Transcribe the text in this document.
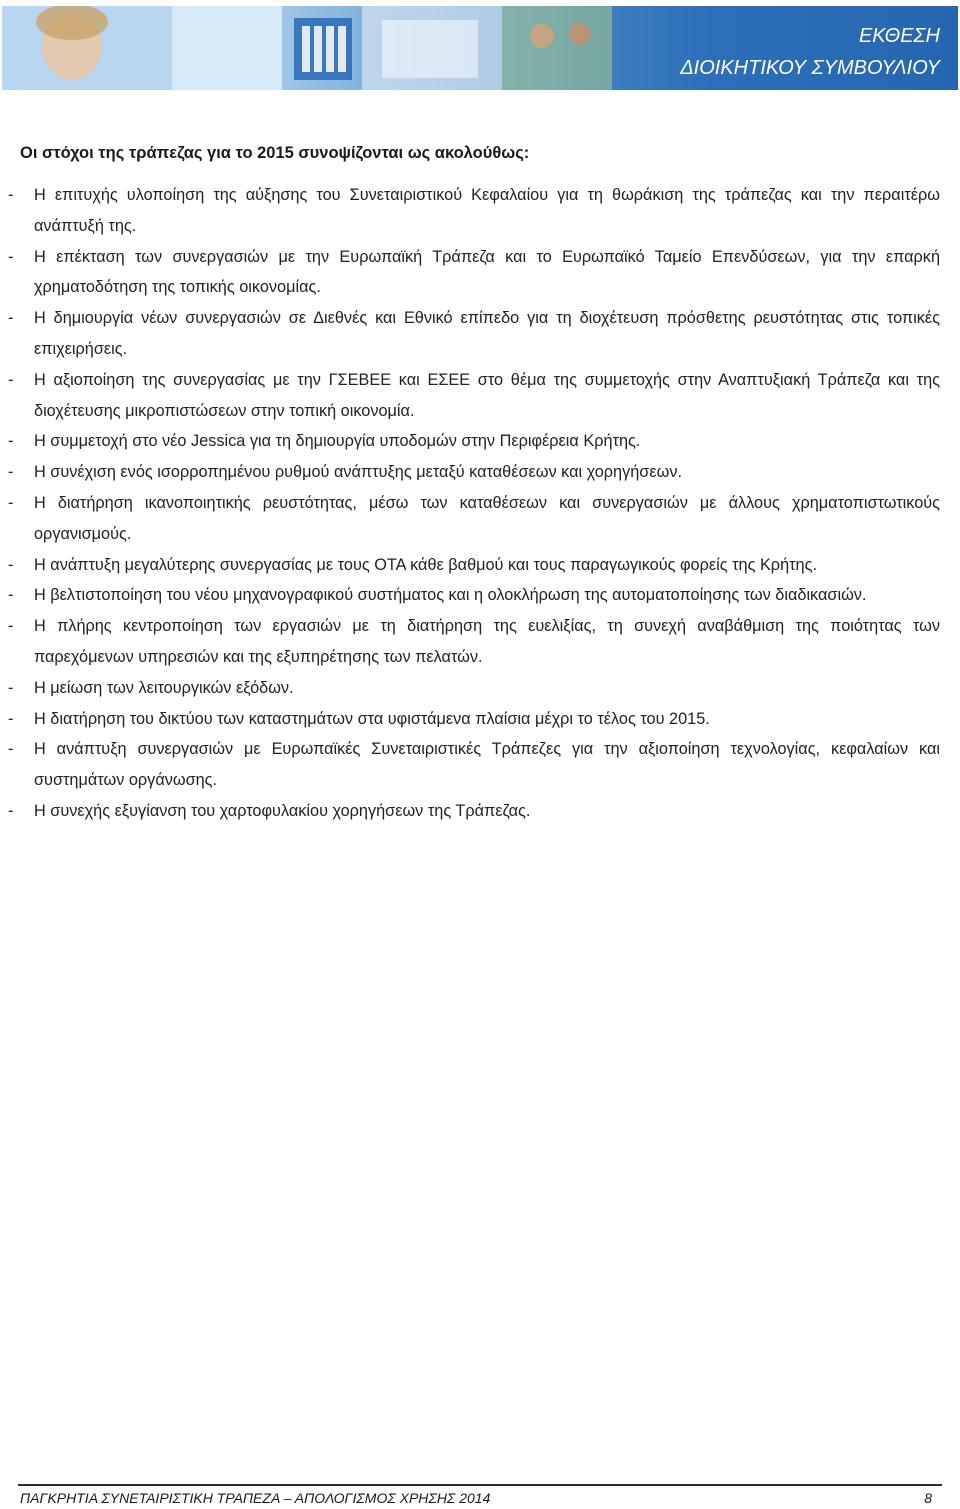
ΕΚΘΕΣΗ
ΔΙΟΙΚΗΤΙΚΟΥ ΣΥΜΒΟΥΛΙΟΥ

Οι στόχοι της τράπεζας για το 2015 συνοψίζονται ως ακολούθως:

- Η επιτυχής υλοποίηση της αύξησης του Συνεταιριστικού Κεφαλαίου για τη θωράκιση της τράπεζας και την περαιτέρω ανάπτυξή της.
- Η επέκταση των συνεργασιών με την Ευρωπαϊκή Τράπεζα και το Ευρωπαϊκό Ταμείο Επενδύσεων, για την επαρκή χρηματοδότηση της τοπικής οικονομίας.
- Η δημιουργία νέων συνεργασιών σε Διεθνές και Εθνικό επίπεδο για τη διοχέτευση πρόσθετης ρευστότητας στις τοπικές επιχειρήσεις.
- Η αξιοποίηση της συνεργασίας με την ΓΣΕΒΕΕ και ΕΣΕΕ στο θέμα της συμμετοχής στην Αναπτυξιακή Τράπεζα και της διοχέτευσης μικροπιστώσεων στην τοπική οικονομία.
- Η συμμετοχή στο νέο Jessica για τη δημιουργία υποδομών στην Περιφέρεια Κρήτης.
- Η συνέχιση ενός ισορροπημένου ρυθμού ανάπτυξης μεταξύ καταθέσεων και χορηγήσεων.
- Η διατήρηση ικανοποιητικής ρευστότητας, μέσω των καταθέσεων και συνεργασιών με άλλους χρηματοπιστωτικούς οργανισμούς.
- Η ανάπτυξη μεγαλύτερης συνεργασίας με τους ΟΤΑ κάθε βαθμού και τους παραγωγικούς φορείς της Κρήτης.
- Η βελτιστοποίηση του νέου μηχανογραφικού συστήματος και η ολοκλήρωση της αυτοματοποίησης των διαδικασιών.
- Η πλήρης κεντροποίηση των εργασιών με τη διατήρηση της ευελιξίας, τη συνεχή αναβάθμιση της ποιότητας των παρεχόμενων υπηρεσιών και της εξυπηρέτησης των πελατών.
- Η μείωση των λειτουργικών εξόδων.
- Η διατήρηση του δικτύου των καταστημάτων στα υφιστάμενα πλαίσια μέχρι το τέλος του 2015.
- Η ανάπτυξη συνεργασιών με Ευρωπαϊκές Συνεταιριστικές Τράπεζες για την αξιοποίηση τεχνολογίας, κεφαλαίων και συστημάτων οργάνωσης.
- Η συνεχής εξυγίανση του χαρτοφυλακίου χορηγήσεων της Τράπεζας.
ΠΑΓΚΡΗΤΙΑ ΣΥΝΕΤΑΙΡΙΣΤΙΚΗ ΤΡΑΠΕΖΑ – ΑΠΟΛΟΓΙΣΜΟΣ ΧΡΗΣΗΣ 2014	8
